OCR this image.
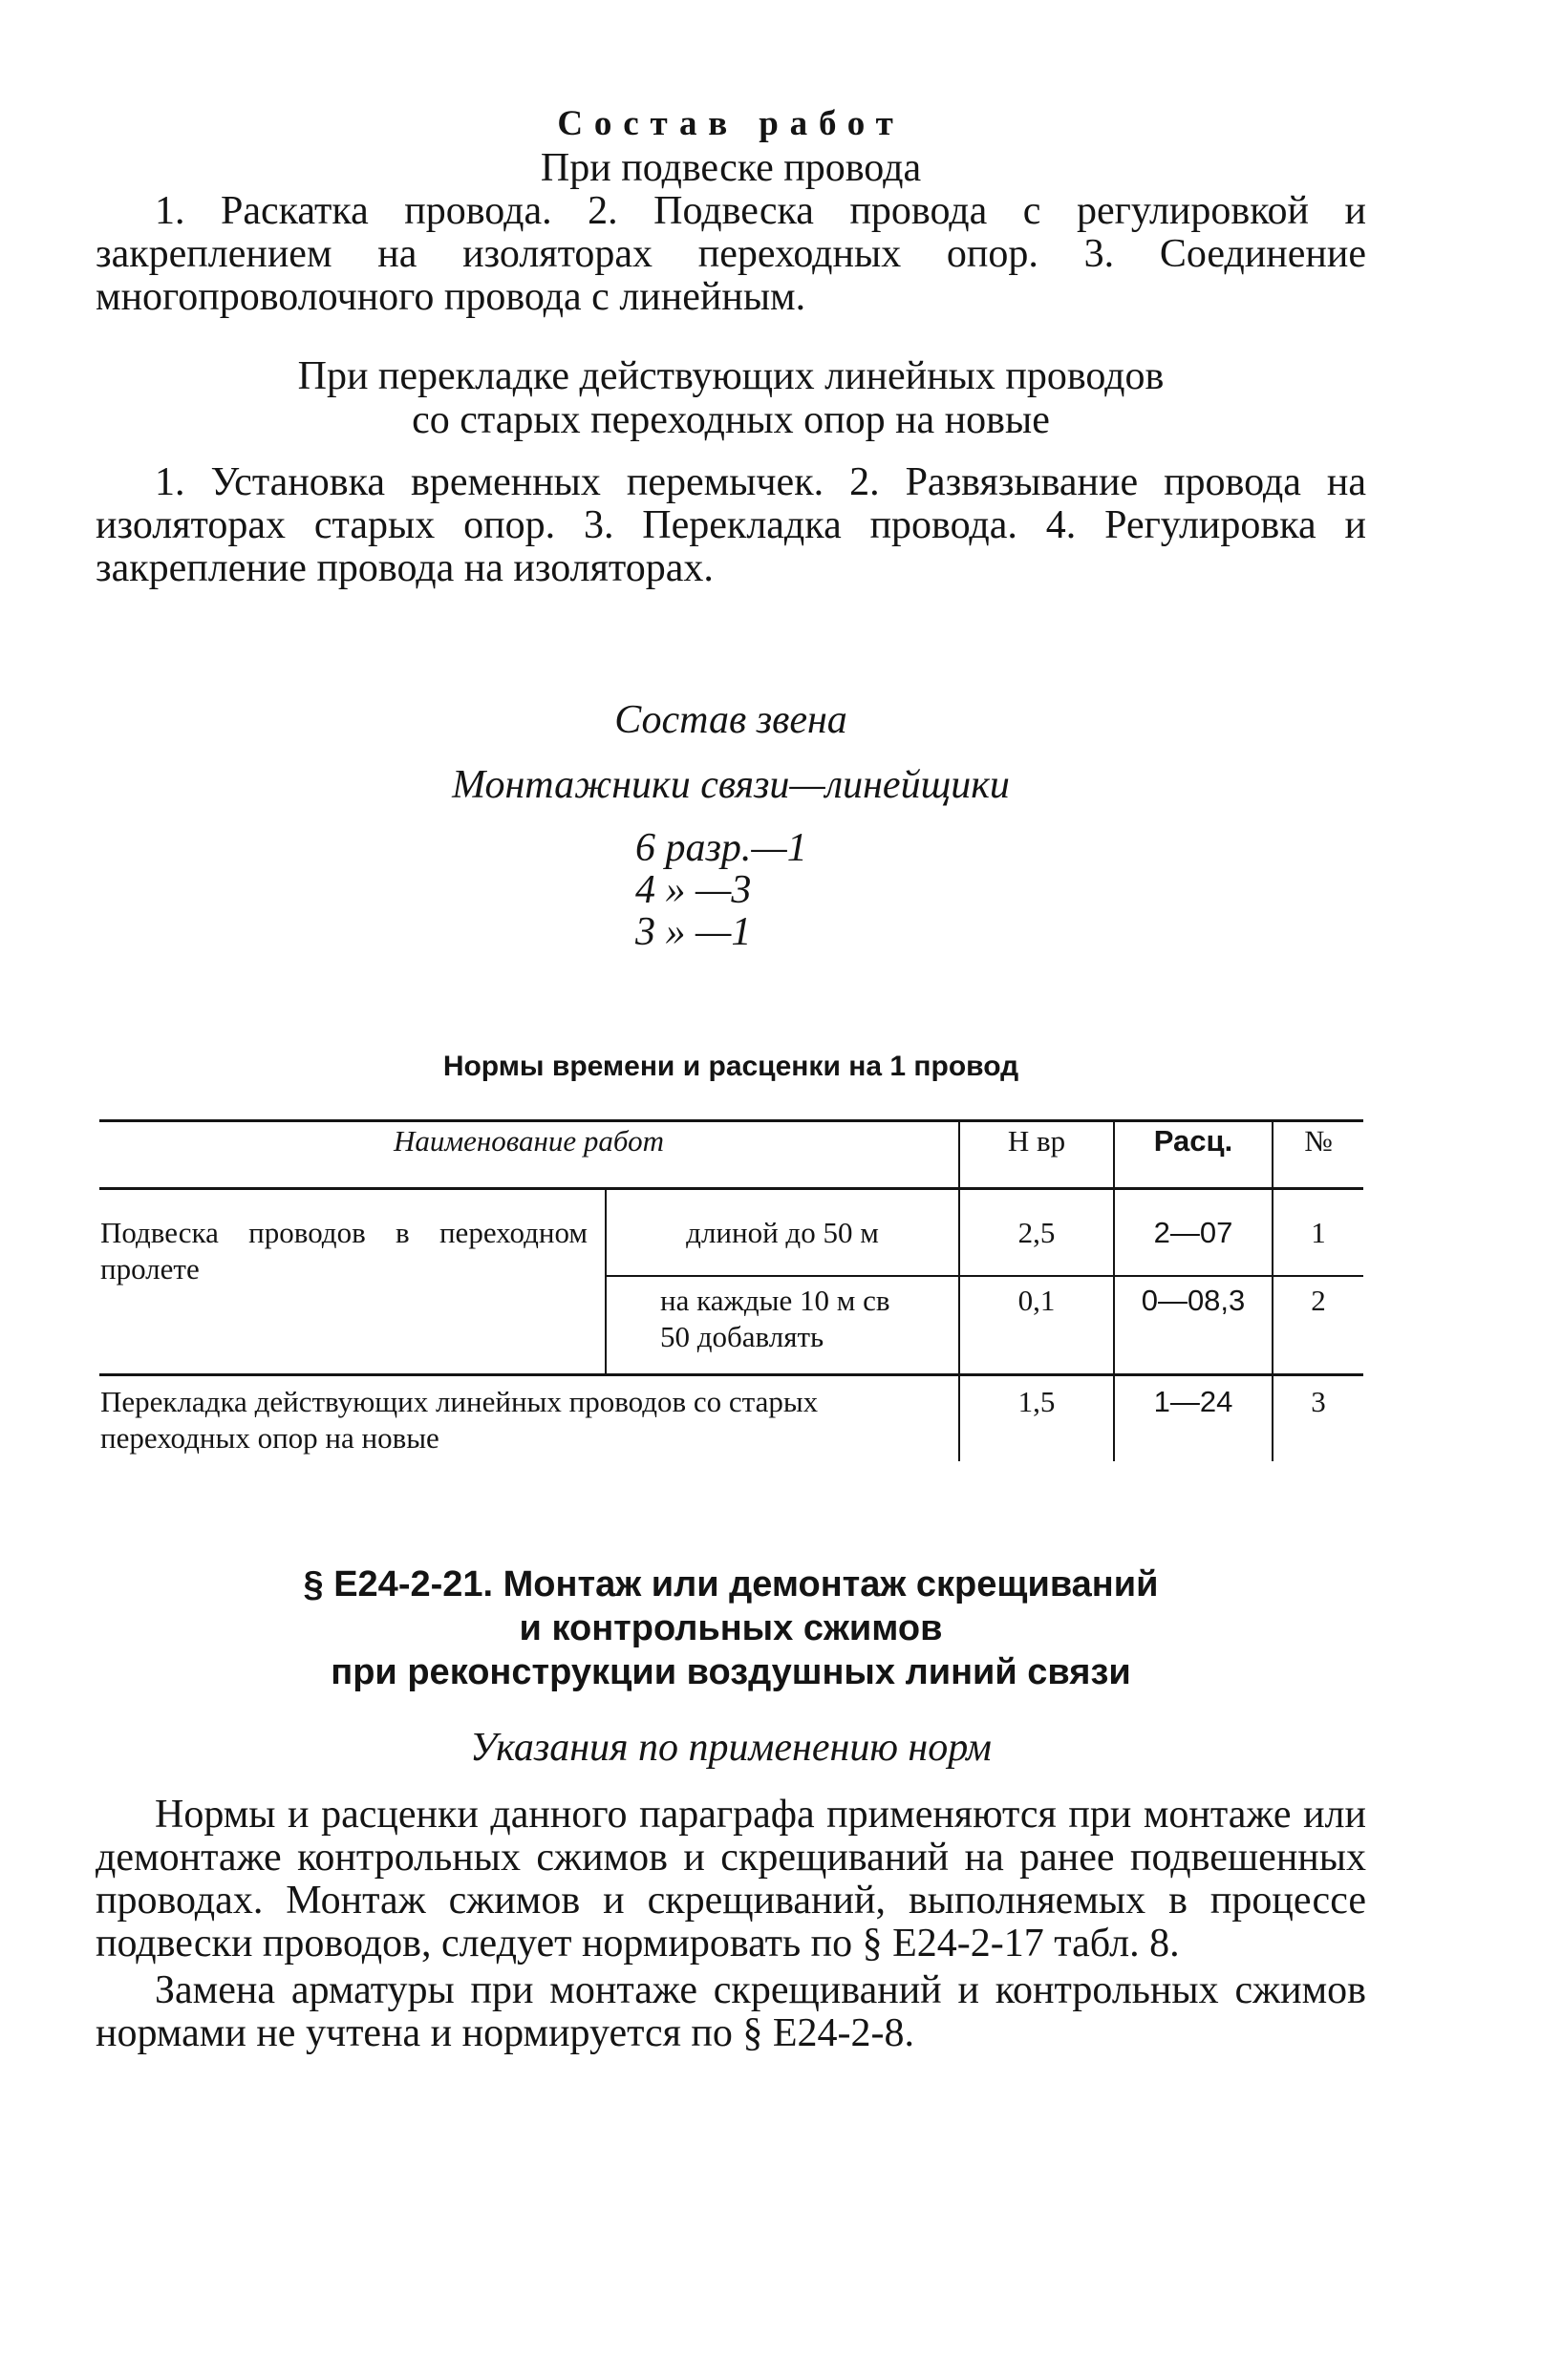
Состав работ

При подвеске провода

1. Раскатка провода. 2. Подвеска провода с регулировкой и закреплением на изоляторах переходных опор. 3. Соединение многопроволочного провода с линейным.

При перекладке действующих линейных проводов

со старых переходных опор на новые

1. Установка временных перемычек. 2. Развязывание провода на изоляторах старых опор. 3. Перекладка провода. 4. Регулировка и закрепление провода на изоляторах.

Состав звена

Монтажники связи—линейщики

6 разр.—1

4 » —3

3 » —1

Нормы времени и расценки на 1 провод

Наименование работ		Н вр	Расц.	№
Подвеска проводов в переходном пролете	длиной до 50 м	2,5	2—07	1
	на каждые 10 м св 50 добавлять	0,1	0—08,3	2
Перекладка действующих линейных проводов со старых переходных опор на новые		1,5	1—24	3

§ Е24-2-21. Монтаж или демонтаж скрещиваний

и контрольных сжимов

при реконструкции воздушных линий связи

Указания по применению норм

Нормы и расценки данного параграфа применяются при монтаже или демонтаже контрольных сжимов и скрещиваний на ранее подвешенных проводах. Монтаж сжимов и скрещиваний, выполняемых в процессе подвески проводов, следует нормировать по § Е24-2-17 табл. 8.

Замена арматуры при монтаже скрещиваний и контрольных сжимов нормами не учтена и нормируется по § Е24-2-8.
